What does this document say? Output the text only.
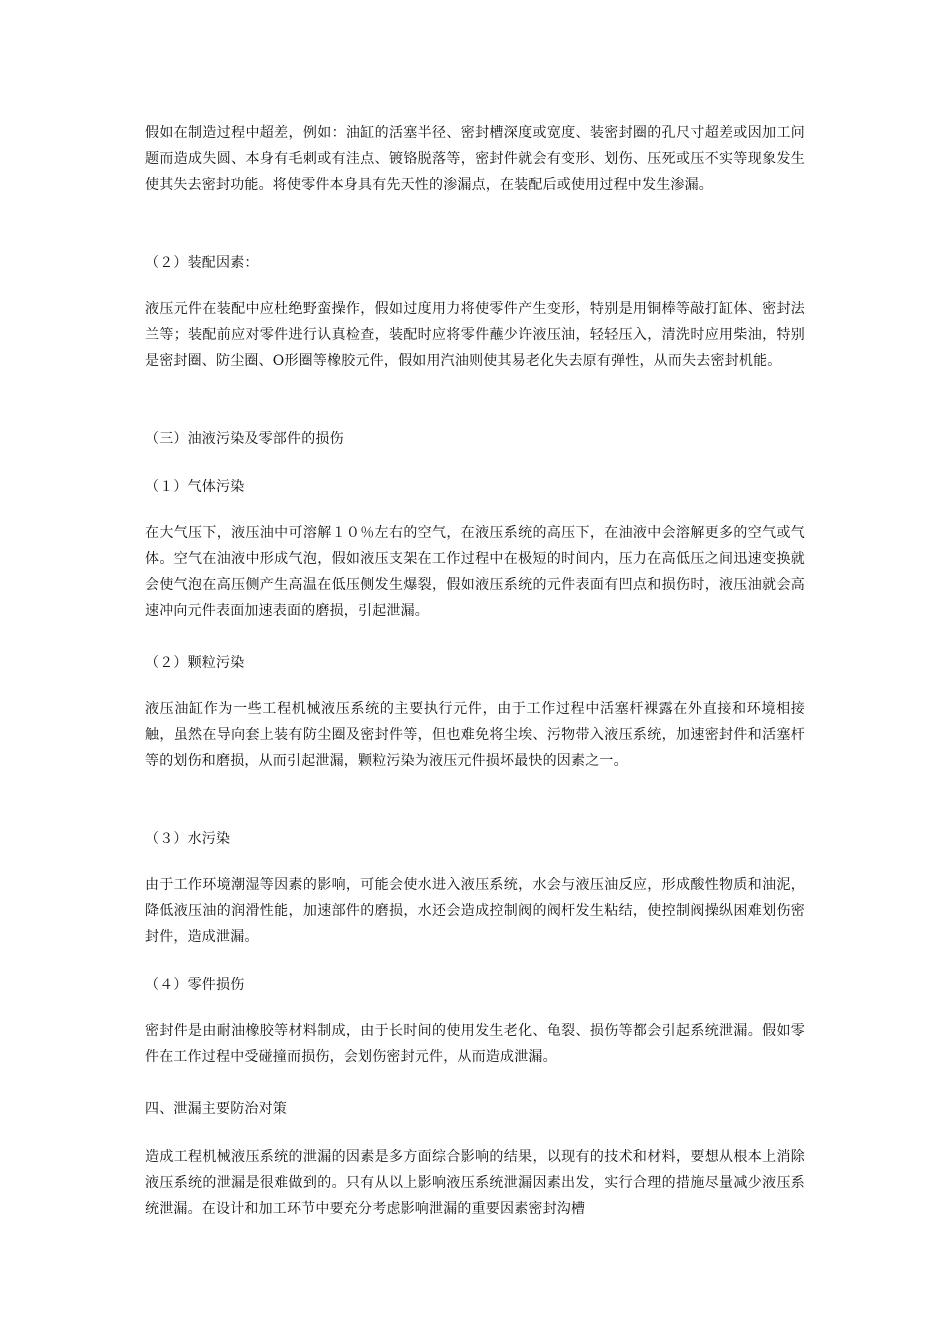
假如在制造过程中超差，例如：油缸的活塞半径、密封槽深度或宽度、装密封圈的孔尺寸超差或因加工问题而造成失圆、本身有毛刺或有洼点、镀铬脱落等，密封件就会有变形、划伤、压死或压不实等现象发生使其失去密封功能。将使零件本身具有先天性的渗漏点，在装配后或使用过程中发生渗漏。

（２）装配因素：

液压元件在装配中应杜绝野蛮操作，假如过度用力将使零件产生变形，特别是用铜棒等敲打缸体、密封法兰等；装配前应对零件进行认真检查，装配时应将零件蘸少许液压油，轻轻压入，清洗时应用柴油，特别是密封圈、防尘圈、O形圈等橡胶元件，假如用汽油则使其易老化失去原有弹性，从而失去密封机能。

（三）油液污染及零部件的损伤

（１）气体污染

在大气压下，液压油中可溶解１０％左右的空气，在液压系统的高压下，在油液中会溶解更多的空气或气体。空气在油液中形成气泡，假如液压支架在工作过程中在极短的时间内，压力在高低压之间迅速变换就会使气泡在高压侧产生高温在低压侧发生爆裂，假如液压系统的元件表面有凹点和损伤时，液压油就会高速冲向元件表面加速表面的磨损，引起泄漏。

（２）颗粒污染

液压油缸作为一些工程机械液压系统的主要执行元件，由于工作过程中活塞杆裸露在外直接和环境相接触，虽然在导向套上装有防尘圈及密封件等，但也难免将尘埃、污物带入液压系统，加速密封件和活塞杆等的划伤和磨损，从而引起泄漏，颗粒污染为液压元件损坏最快的因素之一。

（３）水污染

由于工作环境潮湿等因素的影响，可能会使水进入液压系统，水会与液压油反应，形成酸性物质和油泥，降低液压油的润滑性能，加速部件的磨损，水还会造成控制阀的阀杆发生粘结，使控制阀操纵困难划伤密封件，造成泄漏。

（４）零件损伤

密封件是由耐油橡胶等材料制成，由于长时间的使用发生老化、龟裂、损伤等都会引起系统泄漏。假如零件在工作过程中受碰撞而损伤，会划伤密封元件，从而造成泄漏。

四、泄漏主要防治对策

造成工程机械液压系统的泄漏的因素是多方面综合影响的结果，以现有的技术和材料，要想从根本上消除液压系统的泄漏是很难做到的。只有从以上影响液压系统泄漏因素出发，实行合理的措施尽量减少液压系统泄漏。在设计和加工环节中要充分考虑影响泄漏的重要因素密封沟槽
